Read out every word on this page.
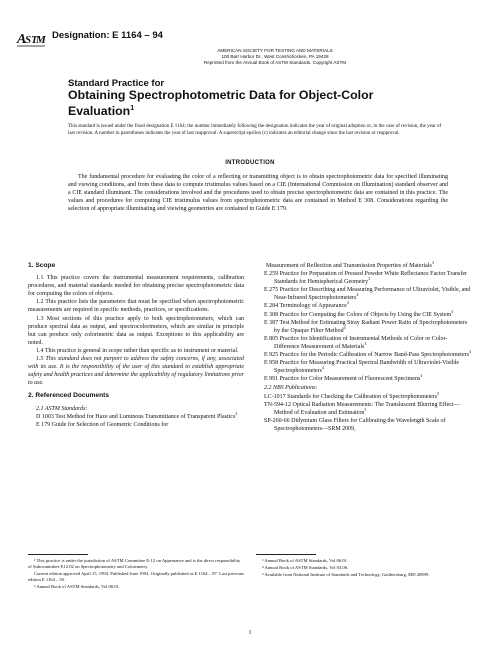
A
S T
M Designation: E 1164 – 94
AMERICAN SOCIETY FOR TESTING AND MATERIALS
100 Barr Harbor Dr., West Conshohocken, PA 19428
Reprinted from the Annual Book of ASTM Standards. Copyright ASTM
Standard Practice for
Obtaining Spectrophotometric Data for Object-Color
Evaluation$^1$
This standard is issued under the fixed designation E 1164; the number immediately following the designation indicates the year of original adoption or, in the case of revision, the year of last revision. A number in parentheses indicates the year of last reapproval. A superscript epsilon (ε) indicates an editorial change since the last revision or reapproval.
INTRODUCTION
The fundamental procedure for evaluating the color of a reflecting or transmitting object is to obtain spectrophotometric data for specified illuminating and viewing conditions, and from these data to compute tristimulus values based on a CIE (International Commission on Illumination) standard observer and a CIE standard illuminant. The considerations involved and the procedures used to obtain precise spectrophotometric data are contained in this practice. The values and procedures for computing CIE tristimulus values from spectrophotometric data are contained in Method E 308. Considerations regarding the selection of appropriate illuminating and viewing geometries are contained in Guide E 179.

1. Scope

1.1 This practice covers the instrumental measurement requirements, calibration procedures, and material standards needed for obtaining precise spectrophotometric data for computing the colors of objects.

1.2 This practice lists the parameters that must be specified when spectrophotometric measurements are required in specific methods, practices, or specifications.

1.3 Most sections of this practice apply to both spectrophotometers, which can produce spectral data as output, and spectrocolorimeters, which are similar in principle but can produce only colorimetric data as output. Exceptions to this applicability are noted.

1.4 This practice is general in scope rather than specific as to instrument or material.

1.5 This standard does not purport to address the safety concerns, if any, associated with its use. It is the responsibility of the user of this standard to establish appropriate safety and health practices and determine the applicability of regulatory limitations prior to use.

2. Referenced Documents

2.1 ASTM Standards:

D 1003 Test Method for Haze and Luminous Transmittance of Transparent Plastics$^2$

E 179 Guide for Selection of Geometric Conditions for

Measurement of Reflection and Transmission Properties of Materials$^3$

E 259 Practice for Preparation of Pressed Powder White Reflectance Factor Transfer Standards for Hemispherical Geometry$^3$

E 275 Practice for Describing and Measuring Performance of Ultraviolet, Visible, and Near-Infrared Spectrophotometers$^4$

E 284 Terminology of Appearance$^3$

E 308 Practice for Computing the Colors of Objects by Using the CIE System$^3$

E 387 Test Method for Estimating Stray Radiant Power Ratio of Spectrophotometers by the Opaque Filter Method$^4$

E 805 Practice for Identification of Instrumental Methods of Color or Color-Difference Measurement of Materials$^3$

E 925 Practice for the Periodic Calibration of Narrow Band-Pass Spectrophotometers$^4$

E 958 Practice for Measuring Practical Spectral Bandwidth of Ultraviolet-Visible Spectrophotometers$^4$

E 991 Practice for Color Measurement of Fluorescent Specimens$^3$

2.2 NBS Publications:

LC-1017 Standards for Checking the Calibration of Spectrophotometers$^5$

TN-594-12 Optical Radiation Measurements: The Transluscent Blurring Effect—Method of Evaluation and Estimation$^5$

SP-260-66 Didymium Glass Filters for Calibrating the Wavelength Scale of Spectrophotometers—SRM 2009,

¹ This practice is under the jurisdiction of ASTM Committee E-12 on Appearance and is the direct responsibility of Subcommittee E12.02 on Spectrophotometry and Colorimetry.

Current edition approved April 15, 1994. Published June 1994. Originally published as E 1164 – 87. Last previous edition E 1164 – 93.

² Annual Book of ASTM Standards, Vol 08.01.

³ Annual Book of ASTM Standards, Vol 06.01.

⁴ Annual Book of ASTM Standards, Vol 03.06.

⁵ Available from National Institute of Standards and Technology, Gaithersburg, MD 20899.

1
